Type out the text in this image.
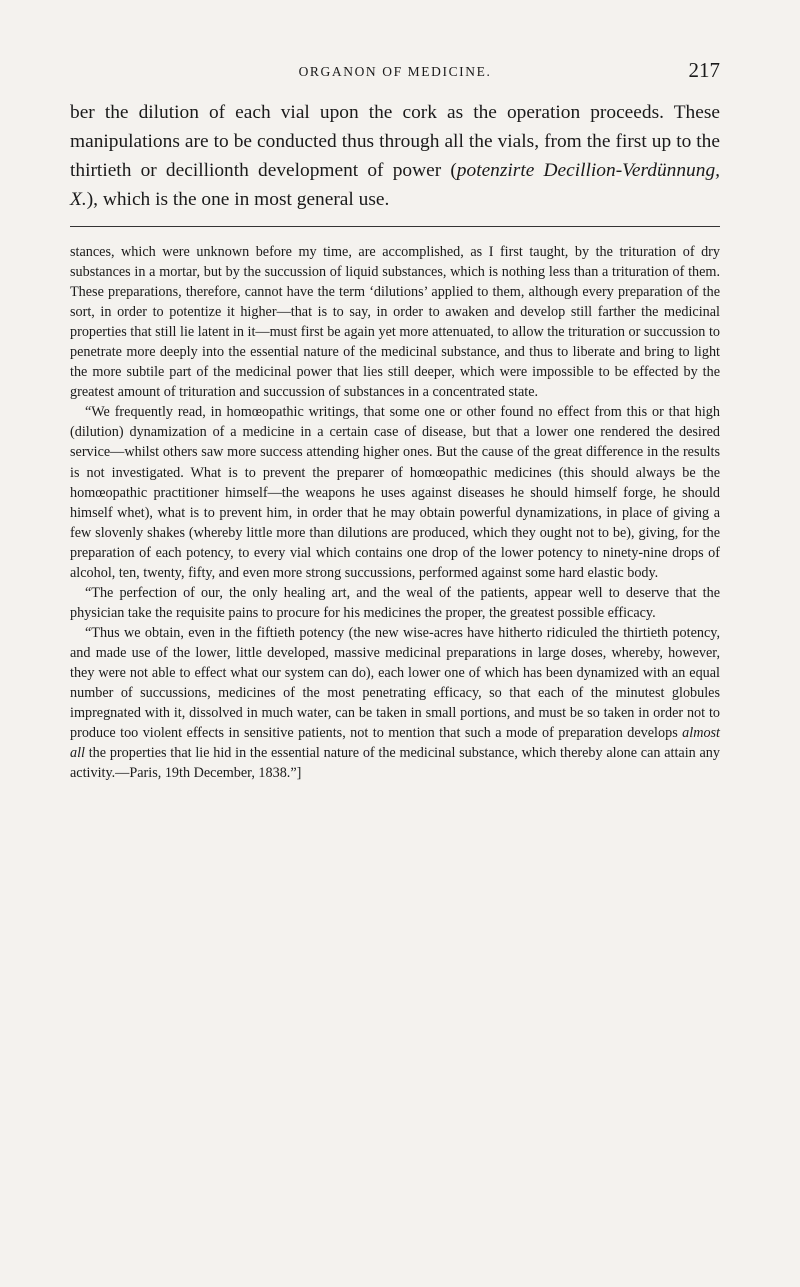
ORGANON OF MEDICINE.	217

ber the dilution of each vial upon the cork as the operation proceeds. These manipulations are to be conducted thus through all the vials, from the first up to the thirtieth or decillionth development of power (potenzirte Decillion-Verdünnung, X.), which is the one in most general use.

stances, which were unknown before my time, are accomplished, as I first taught, by the trituration of dry substances in a mortar, but by the succussion of liquid substances, which is nothing less than a trituration of them. These preparations, therefore, cannot have the term ‘dilutions’ applied to them, although every preparation of the sort, in order to potentize it higher—that is to say, in order to awaken and develop still farther the medicinal properties that still lie latent in it—must first be again yet more attenuated, to allow the trituration or succussion to penetrate more deeply into the essential nature of the medicinal substance, and thus to liberate and bring to light the more subtile part of the medicinal power that lies still deeper, which were impossible to be effected by the greatest amount of trituration and succussion of substances in a concentrated state.

“We frequently read, in homœopathic writings, that some one or other found no effect from this or that high (dilution) dynamization of a medicine in a certain case of disease, but that a lower one rendered the desired service—whilst others saw more success attending higher ones. But the cause of the great difference in the results is not investigated. What is to prevent the preparer of homœopathic medicines (this should always be the homœopathic practitioner himself—the weapons he uses against diseases he should himself forge, he should himself whet), what is to prevent him, in order that he may obtain powerful dynamizations, in place of giving a few slovenly shakes (whereby little more than dilutions are produced, which they ought not to be), giving, for the preparation of each potency, to every vial which contains one drop of the lower potency to ninety-nine drops of alcohol, ten, twenty, fifty, and even more strong succussions, performed against some hard elastic body.

“The perfection of our, the only healing art, and the weal of the patients, appear well to deserve that the physician take the requisite pains to procure for his medicines the proper, the greatest possible efficacy.

“Thus we obtain, even in the fiftieth potency (the new wise-acres have hitherto ridiculed the thirtieth potency, and made use of the lower, little developed, massive medicinal preparations in large doses, whereby, however, they were not able to effect what our system can do), each lower one of which has been dynamized with an equal number of succussions, medicines of the most penetrating efficacy, so that each of the minutest globules impregnated with it, dissolved in much water, can be taken in small portions, and must be so taken in order not to produce too violent effects in sensitive patients, not to mention that such a mode of preparation develops almost all the properties that lie hid in the essential nature of the medicinal substance, which thereby alone can attain any activity.—Paris, 19th December, 1838.”]
